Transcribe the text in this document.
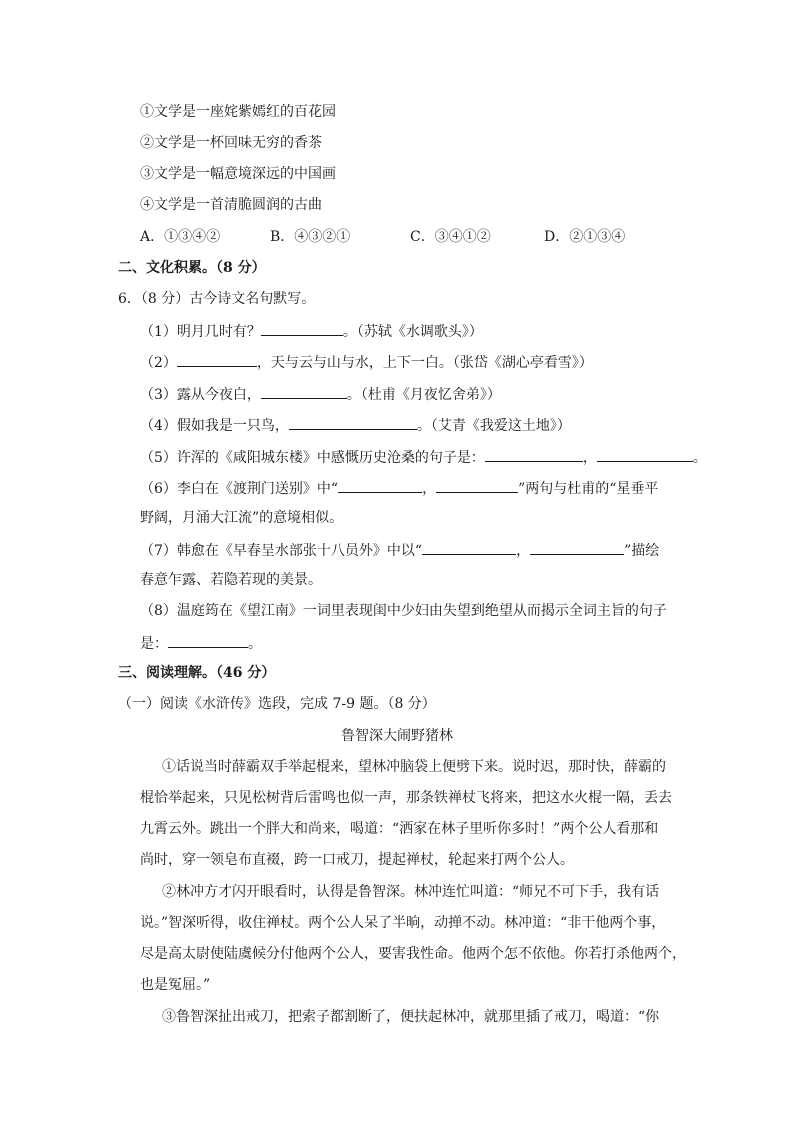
①文学是一座姹紫嫣红的百花园
②文学是一杯回味无穷的香茶
③文学是一幅意境深远的中国画
④文学是一首清脆圆润的古曲
A．①③④②	B．④③②①	C．③④①②	D．②①③④
二、文化积累。（8 分）
6．（8 分）古今诗文名句默写。
（1）明月几时有？	。（苏轼《水调歌头》）
（2）	，天与云与山与水，上下一白。（张岱《湖心亭看雪》）
（3）露从今夜白，	。（杜甫《月夜忆舍弟》）
（4）假如我是一只鸟，	。（艾青《我爱这土地》）
（5）许浑的《咸阳城东楼》中感慨历史沧桑的句子是：	，	。
（6）李白在《渡荆门送别》中“	，	”两句与杜甫的“星垂平
野阔，月涌大江流”的意境相似。
（7）韩愈在《早春呈水部张十八员外》中以“	，	”描绘
春意乍露、若隐若现的美景。
（8）温庭筠在《望江南》一词里表现闺中少妇由失望到绝望从而揭示全词主旨的句子
是：	。
三、阅读理解。（46 分）
（一）阅读《水浒传》选段，完成 7-9 题。（8 分）
鲁智深大闹野猪林
①话说当时薛霸双手举起棍来，望林冲脑袋上便劈下来。说时迟，那时快，薛霸的
棍恰举起来，只见松树背后雷鸣也似一声，那条铁禅杖飞将来，把这水火棍一隔，丢去
九霄云外。跳出一个胖大和尚来，喝道：“洒家在林子里听你多时！”两个公人看那和
尚时，穿一领皂布直裰，跨一口戒刀，提起禅杖，轮起来打两个公人。
②林冲方才闪开眼看时，认得是鲁智深。林冲连忙叫道：“师兄不可下手，我有话
说。”智深听得，收住禅杖。两个公人呆了半晌，动掸不动。林冲道：“非干他两个事，
尽是高太尉使陆虞候分付他两个公人，要害我性命。他两个怎不依他。你若打杀他两个，
也是冤屈。”
③鲁智深扯出戒刀，把索子都割断了，便扶起林冲，就那里插了戒刀，喝道：“你
